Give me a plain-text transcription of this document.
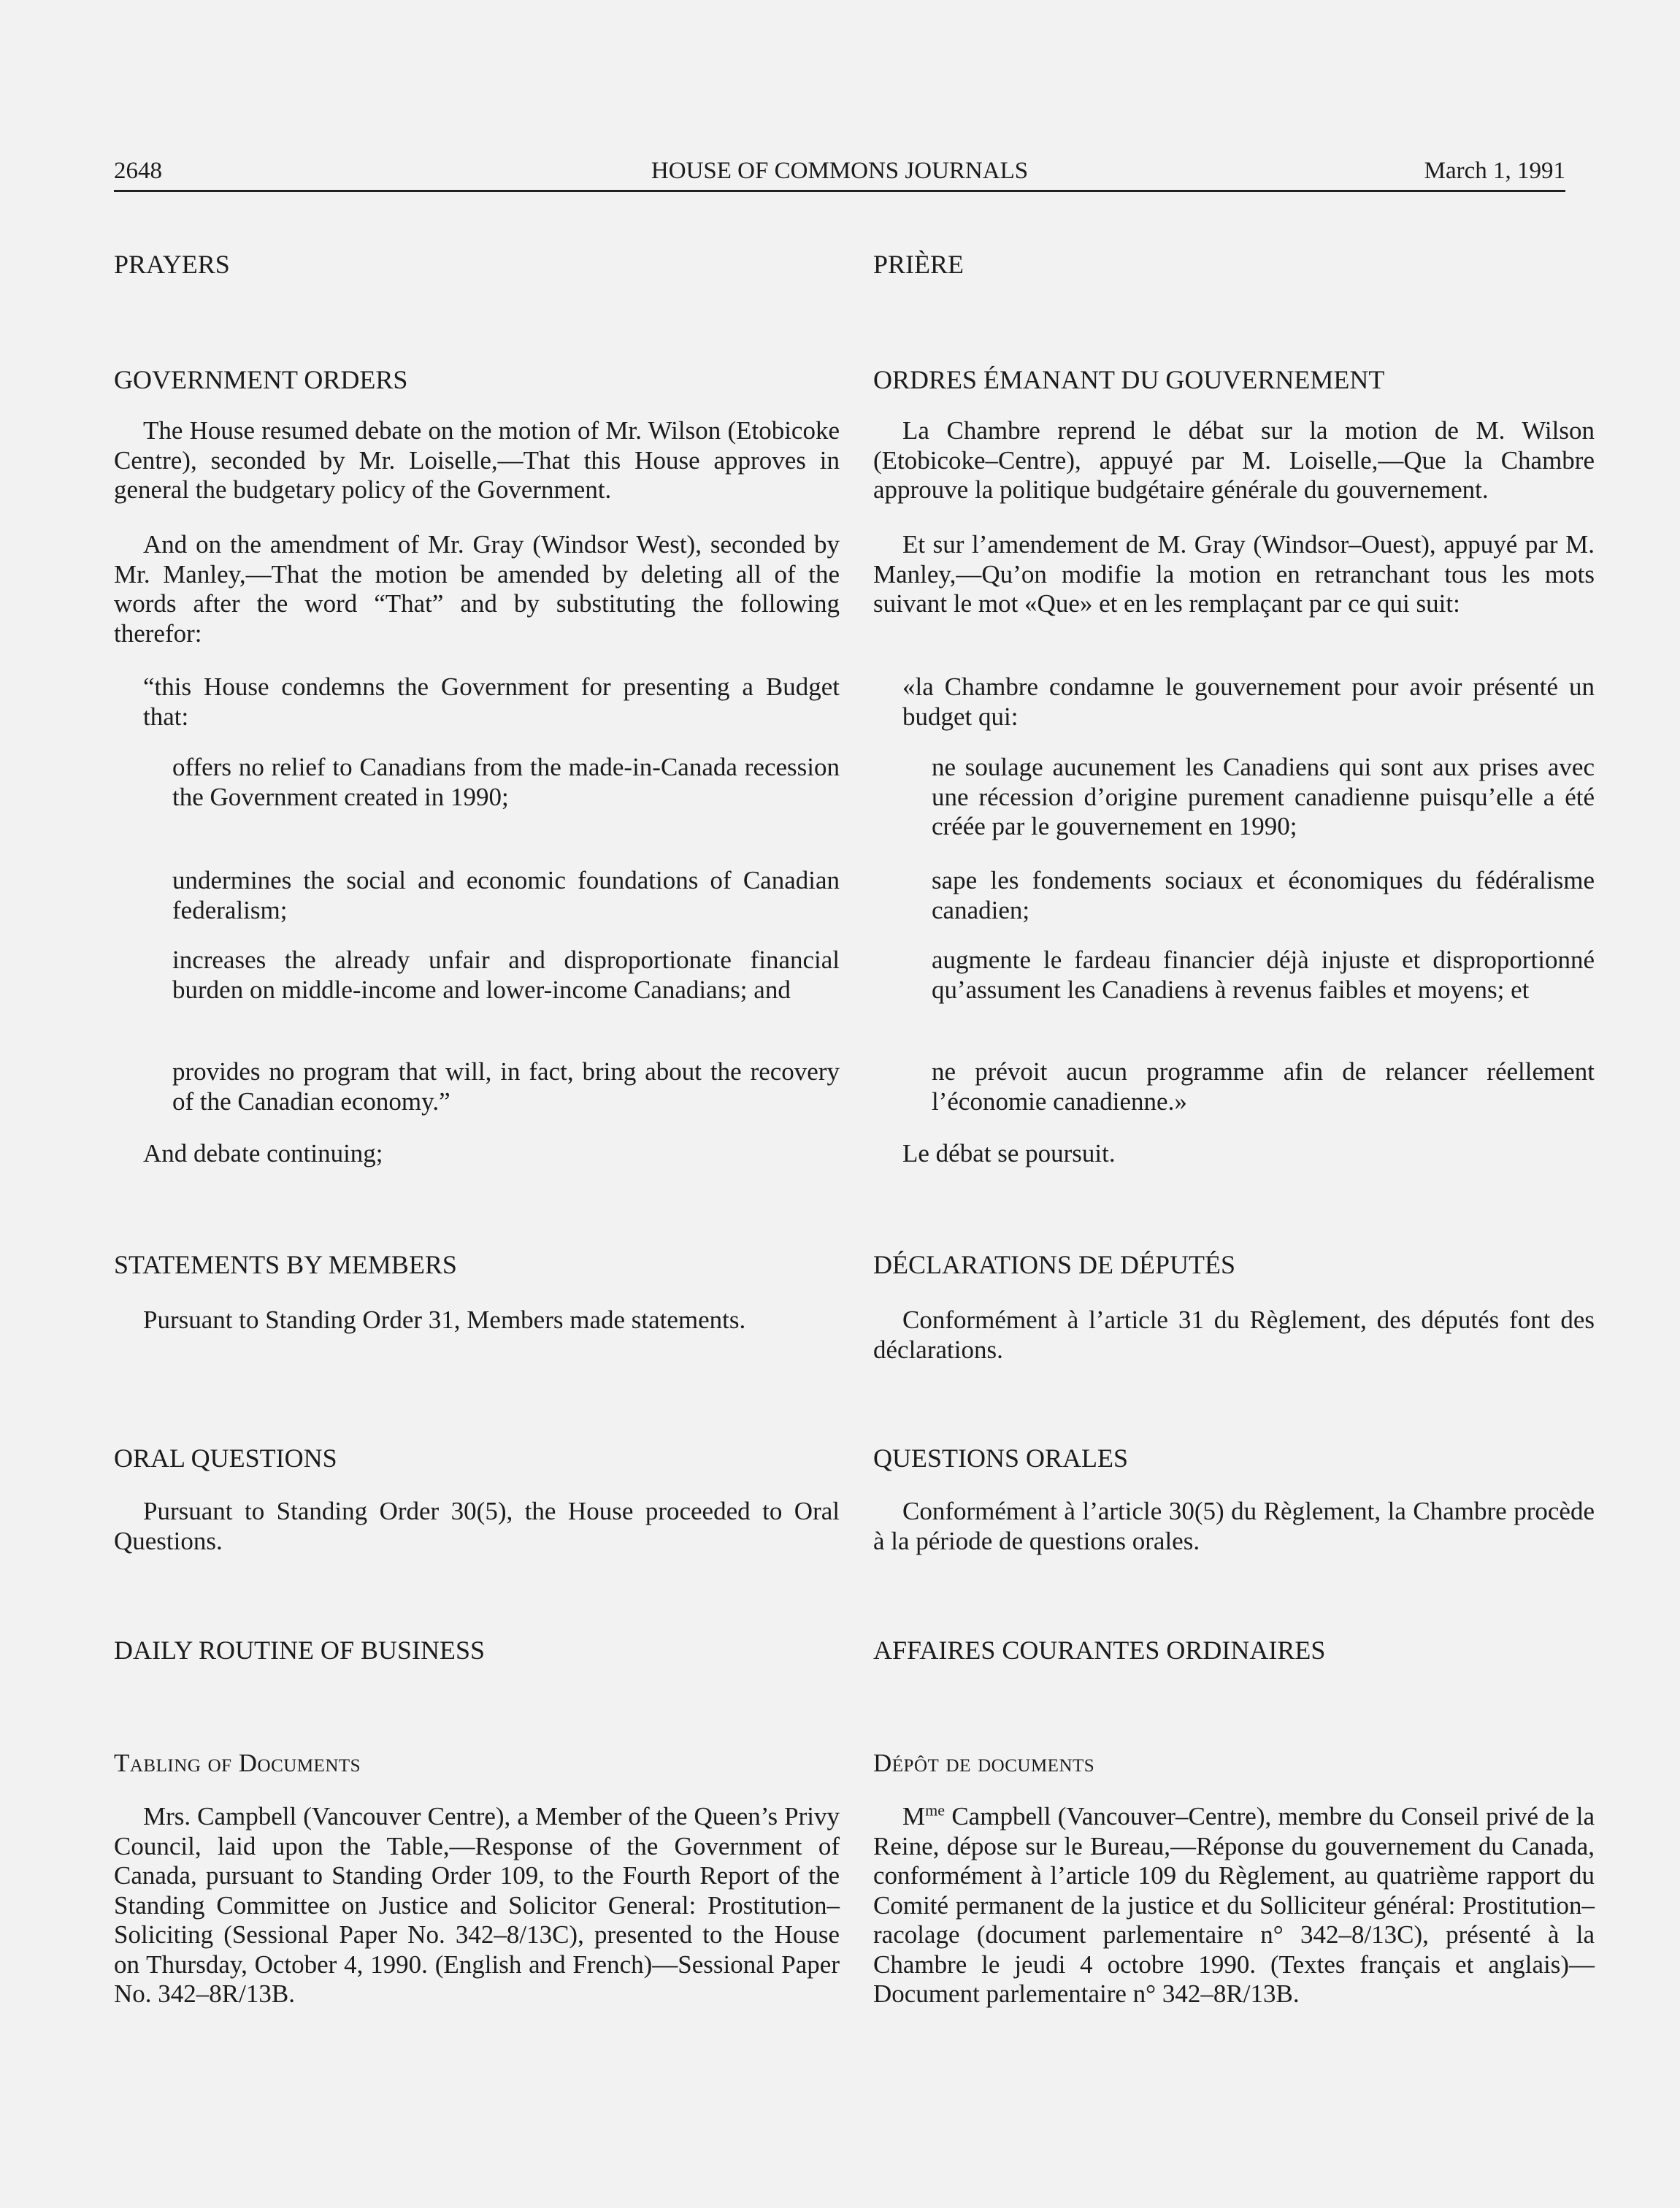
2648	HOUSE OF COMMONS JOURNALS	March 1, 1991

PRAYERS

GOVERNMENT ORDERS

The House resumed debate on the motion of Mr. Wilson (Etobicoke Centre), seconded by Mr. Loiselle,—That this House approves in general the budgetary policy of the Government.

And on the amendment of Mr. Gray (Windsor West), seconded by Mr. Manley,—That the motion be amended by deleting all of the words after the word “That” and by substituting the following therefor:

“this House condemns the Government for presenting a Budget that:

offers no relief to Canadians from the made-in-Canada recession the Government created in 1990;

undermines the social and economic foundations of Canadian federalism;

increases the already unfair and disproportionate financial burden on middle-income and lower-income Canadians; and

provides no program that will, in fact, bring about the recovery of the Canadian economy.”

And debate continuing;

STATEMENTS BY MEMBERS

Pursuant to Standing Order 31, Members made statements.

ORAL QUESTIONS

Pursuant to Standing Order 30(5), the House proceeded to Oral Questions.

DAILY ROUTINE OF BUSINESS

Tabling of Documents

Mrs. Campbell (Vancouver Centre), a Member of the Queen’s Privy Council, laid upon the Table,—Response of the Government of Canada, pursuant to Standing Order 109, to the Fourth Report of the Standing Committee on Justice and Solicitor General: Prostitution–Soliciting (Sessional Paper No. 342–8/13C), presented to the House on Thursday, October 4, 1990. (English and French)—Sessional Paper No. 342–8R/13B.

PRIÈRE

ORDRES ÉMANANT DU GOUVERNEMENT

La Chambre reprend le débat sur la motion de M. Wilson (Etobicoke–Centre), appuyé par M. Loiselle,—Que la Chambre approuve la politique budgétaire générale du gouvernement.

Et sur l’amendement de M. Gray (Windsor–Ouest), appuyé par M. Manley,—Qu’on modifie la motion en retranchant tous les mots suivant le mot «Que» et en les remplaçant par ce qui suit:

«la Chambre condamne le gouvernement pour avoir présenté un budget qui:

ne soulage aucunement les Canadiens qui sont aux prises avec une récession d’origine purement canadienne puisqu’elle a été créée par le gouvernement en 1990;

sape les fondements sociaux et économiques du fédéralisme canadien;

augmente le fardeau financier déjà injuste et disproportionné qu’assument les Canadiens à revenus faibles et moyens; et

ne prévoit aucun programme afin de relancer réellement l’économie canadienne.»

Le débat se poursuit.

DÉCLARATIONS DE DÉPUTÉS

Conformément à l’article 31 du Règlement, des députés font des déclarations.

QUESTIONS ORALES

Conformément à l’article 30(5) du Règlement, la Chambre procède à la période de questions orales.

AFFAIRES COURANTES ORDINAIRES

Dépôt de documents

$M^{me}$ Campbell (Vancouver–Centre), membre du Conseil privé de la Reine, dépose sur le Bureau,—Réponse du gouvernement du Canada, conformément à l’article 109 du Règlement, au quatrième rapport du Comité permanent de la justice et du Solliciteur général: Prostitution–racolage (document parlementaire n° 342–8/13C), présenté à la Chambre le jeudi 4 octobre 1990. (Textes français et anglais)—Document parlementaire n° 342–8R/13B.
